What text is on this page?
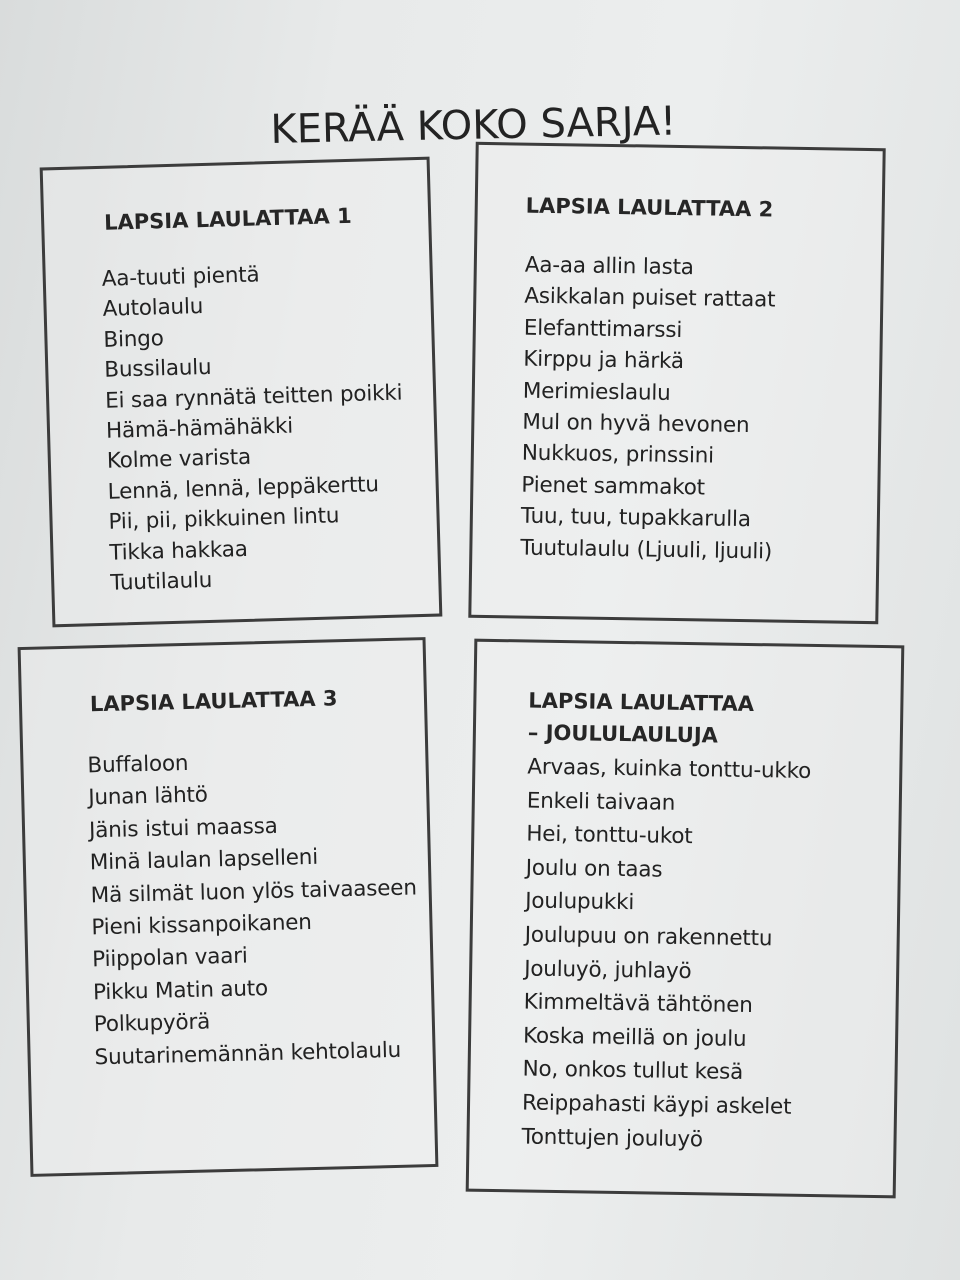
KERÄÄ KOKO SARJA!
LAPSIA LAULATTAA 1
Aa-tuuti pientä
Autolaulu
Bingo
Bussilaulu
Ei saa rynnätä teitten poikki
Hämä-hämähäkki
Kolme varista
Lennä, lennä, leppäkerttu
Pii, pii, pikkuinen lintu
Tikka hakkaa
Tuutilaulu
LAPSIA LAULATTAA 2
Aa-aa allin lasta
Asikkalan puiset rattaat
Elefanttimarssi
Kirppu ja härkä
Merimieslaulu
Mul on hyvä hevonen
Nukkuos, prinssini
Pienet sammakot
Tuu, tuu, tupakkarulla
Tuutulaulu (Ljuuli, ljuuli)
LAPSIA LAULATTAA 3
Buffaloon
Junan lähtö
Jänis istui maassa
Minä laulan lapselleni
Mä silmät luon ylös taivaaseen
Pieni kissanpoikanen
Piippolan vaari
Pikku Matin auto
Polkupyörä
Suutarinemännän kehtolaulu
LAPSIA LAULATTAA
– JOULULAULUJA
Arvaas, kuinka tonttu-ukko
Enkeli taivaan
Hei, tonttu-ukot
Joulu on taas
Joulupukki
Joulupuu on rakennettu
Jouluyö, juhlayö
Kimmeltävä tähtönen
Koska meillä on joulu
No, onkos tullut kesä
Reippahasti käypi askelet
Tonttujen jouluyö
